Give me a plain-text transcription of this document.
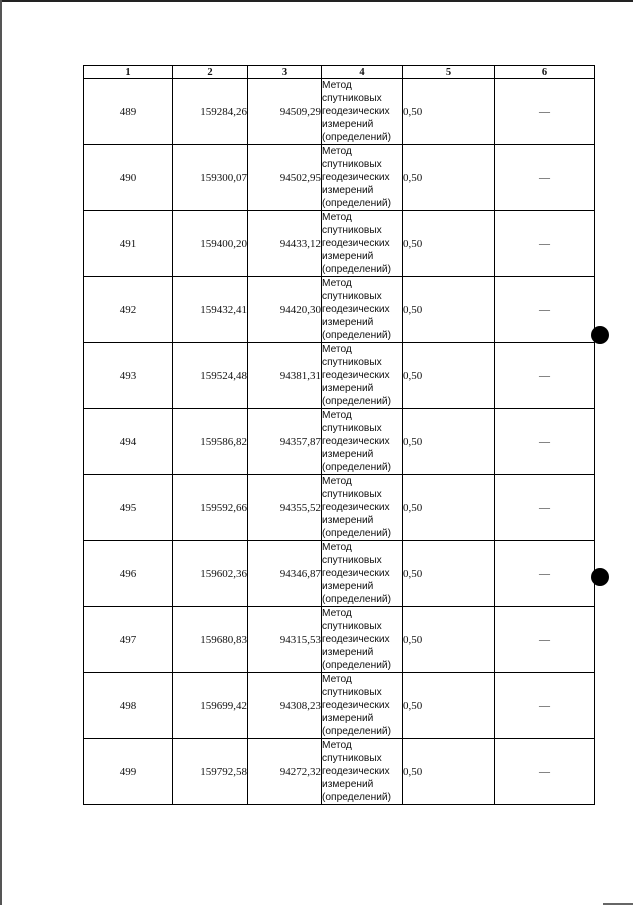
1	2	3	4	5	6
489	159284,26	94509,29	Метод
спутниковых
геодезических
измерений
(определений)	0,50	—
490	159300,07	94502,95	Метод
спутниковых
геодезических
измерений
(определений)	0,50	—
491	159400,20	94433,12	Метод
спутниковых
геодезических
измерений
(определений)	0,50	—
492	159432,41	94420,30	Метод
спутниковых
геодезических
измерений
(определений)	0,50	—
493	159524,48	94381,31	Метод
спутниковых
геодезических
измерений
(определений)	0,50	—
494	159586,82	94357,87	Метод
спутниковых
геодезических
измерений
(определений)	0,50	—
495	159592,66	94355,52	Метод
спутниковых
геодезических
измерений
(определений)	0,50	—
496	159602,36	94346,87	Метод
спутниковых
геодезических
измерений
(определений)	0,50	—
497	159680,83	94315,53	Метод
спутниковых
геодезических
измерений
(определений)	0,50	—
498	159699,42	94308,23	Метод
спутниковых
геодезических
измерений
(определений)	0,50	—
499	159792,58	94272,32	Метод
спутниковых
геодезических
измерений
(определений)	0,50	—
